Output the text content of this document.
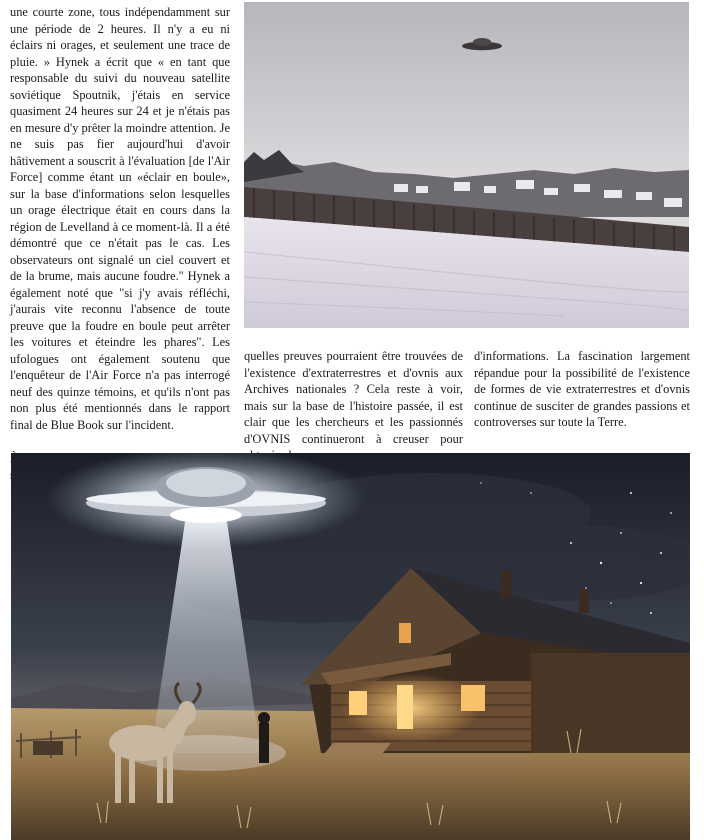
une courte zone, tous indépendamment sur une période de 2 heures. Il n'y a eu ni éclairs ni orages, et seulement une trace de pluie. » Hynek a écrit que « en tant que responsable du suivi du nouveau satellite soviétique Spoutnik, j'étais en service quasiment 24 heures sur 24 et je n'étais pas en mesure d'y prêter la moindre attention. Je ne suis pas fier aujourd'hui d'avoir hâtivement a souscrit à l'évaluation [de l'Air Force] comme étant un «éclair en boule», sur la base d'informations selon lesquelles un orage électrique était en cours dans la région de Levelland à ce moment-là. Il a été démontré que ce n'était pas le cas. Les observateurs ont signalé un ciel couvert et de la brume, mais aucune foudre." Hynek a également noté que "si j'y avais réfléchi, j'aurais vite reconnu l'absence de toute preuve que la foudre en boule peut arrêter les voitures et éteindre les phares". Les ufologues ont également soutenu que l'enquêteur de l'Air Force n'a pas interrogé neuf des quinze témoins, et qu'ils n'ont pas non plus été mentionnés dans le rapport final de Blue Book sur l'incident.

quelles preuves pourraient être trouvées de l'existence d'extraterrestres et d'ovnis aux Archives nationales ? Cela reste à voir, mais sur la base de l'histoire passée, il est clair que les chercheurs et les passionnés d'OVNIS continueront à creuser pour

d'informations. La fascination largement répandue pour la possibilité de l'existence de formes de vie extraterrestres et d'ovnis continue de susciter de grandes passions et controverses sur toute la Terre.
